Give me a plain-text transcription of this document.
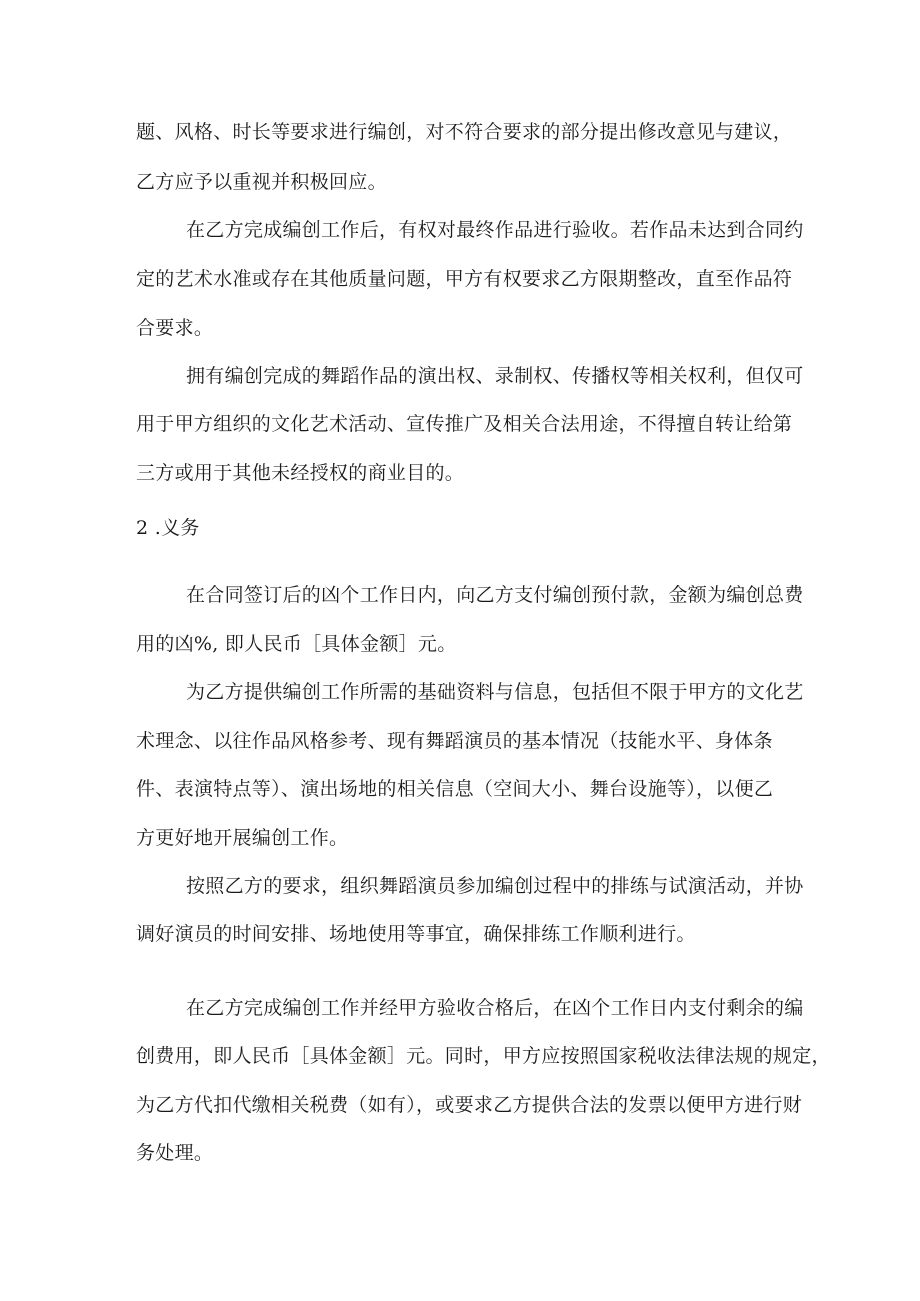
题、风格、时长等要求进行编创，对不符合要求的部分提出修改意见与建议，
乙方应予以重视并积极回应。
在乙方完成编创工作后，有权对最终作品进行验收。若作品未达到合同约
定的艺术水准或存在其他质量问题，甲方有权要求乙方限期整改，直至作品符
合要求。
拥有编创完成的舞蹈作品的演出权、录制权、传播权等相关权利，但仅可
用于甲方组织的文化艺术活动、宣传推广及相关合法用途，不得擅自转让给第
三方或用于其他未经授权的商业目的。
2 .义务
在合同签订后的凶个工作日内，向乙方支付编创预付款，金额为编创总费
用的凶%, 即人民币［具体金额］元。
为乙方提供编创工作所需的基础资料与信息，包括但不限于甲方的文化艺
术理念、以往作品风格参考、现有舞蹈演员的基本情况（技能水平、身体条
件、表演特点等）、演出场地的相关信息（空间大小、舞台设施等），以便乙
方更好地开展编创工作。
按照乙方的要求，组织舞蹈演员参加编创过程中的排练与试演活动，并协
调好演员的时间安排、场地使用等事宜，确保排练工作顺利进行。
在乙方完成编创工作并经甲方验收合格后，在凶个工作日内支付剩余的编
创费用，即人民币［具体金额］元。同时，甲方应按照国家税收法律法规的规定，
为乙方代扣代缴相关税费（如有），或要求乙方提供合法的发票以便甲方进行财
务处理。
